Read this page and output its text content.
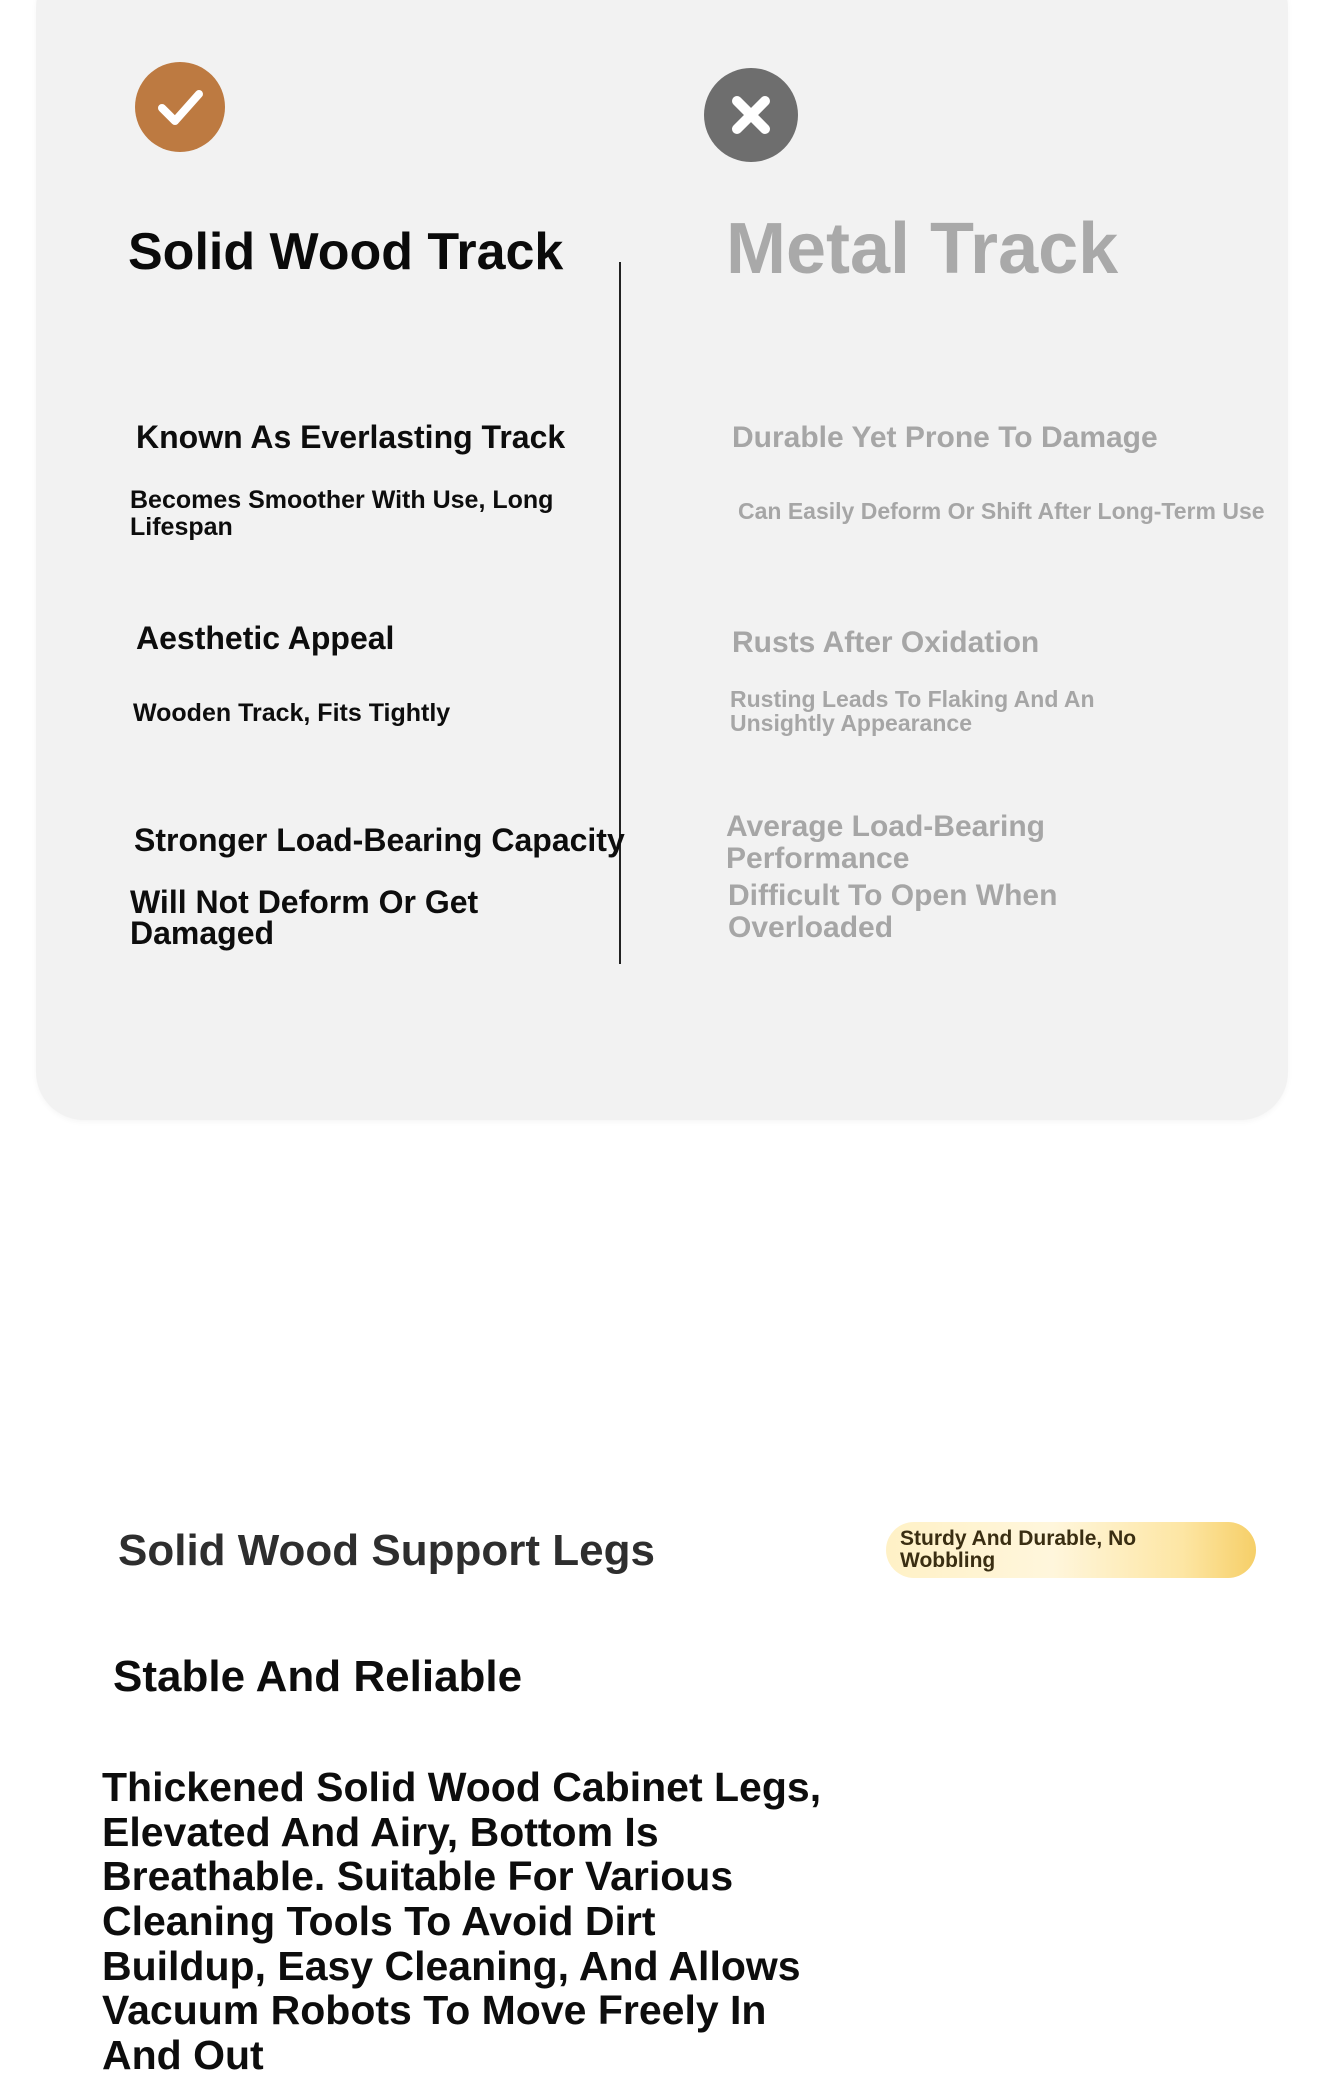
Solid Wood Track Metal Track
Known As Everlasting Track
Becomes Smoother With Use, Long Lifespan
Aesthetic Appeal
Wooden Track, Fits Tightly
Stronger Load-Bearing Capacity
Will Not Deform Or Get Damaged
Durable Yet Prone To Damage
Can Easily Deform Or Shift After Long-Term Use
Rusts After Oxidation
Rusting Leads To Flaking And An Unsightly Appearance
Average Load-Bearing Performance
Difficult To Open When Overloaded
Solid Wood Support Legs	Sturdy And Durable, No Wobbling
Stable And Reliable
Thickened Solid Wood Cabinet Legs, Elevated And Airy, Bottom Is Breathable. Suitable For Various Cleaning Tools To Avoid Dirt Buildup, Easy Cleaning, And Allows Vacuum Robots To Move Freely In And Out
